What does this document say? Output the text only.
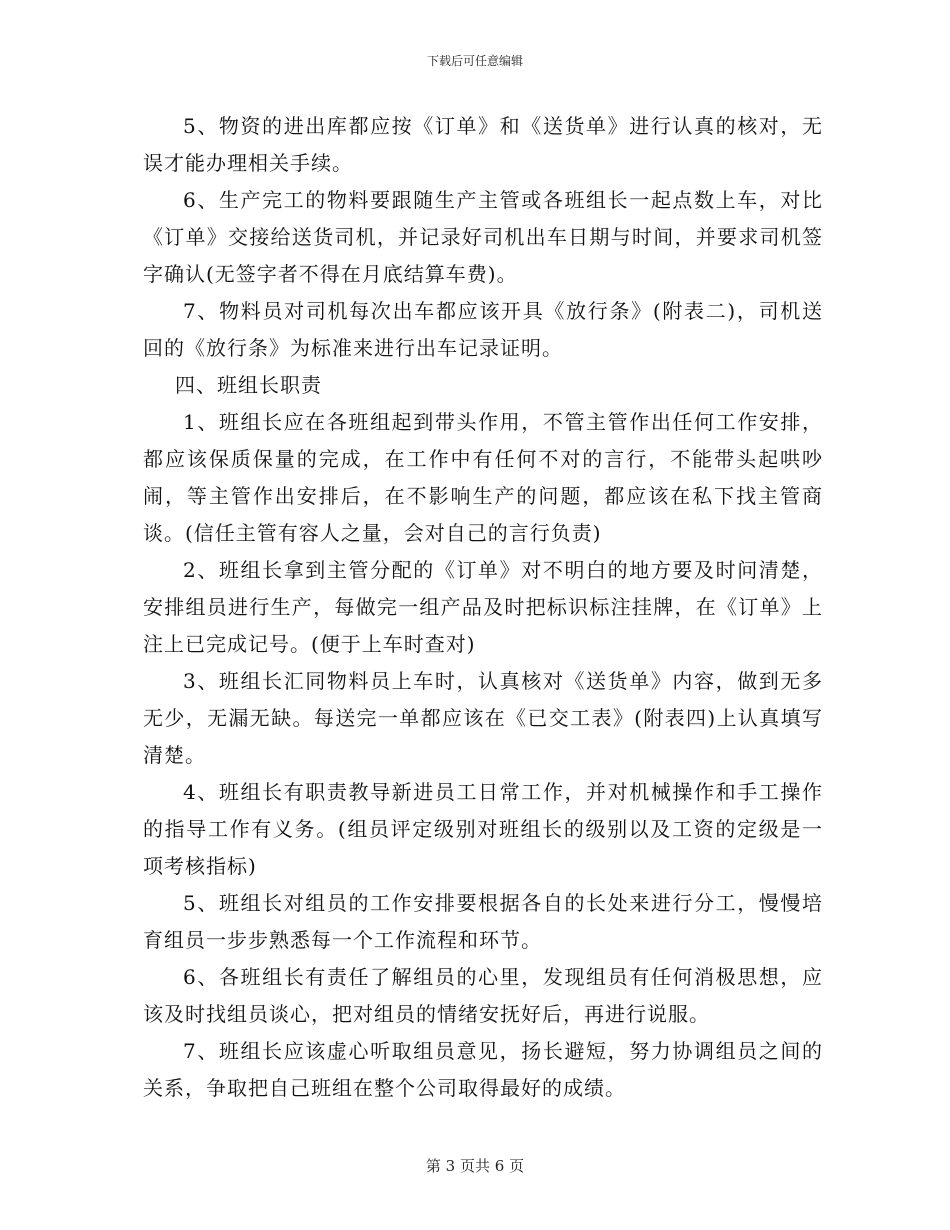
下载后可任意编辑

5、物资的进出库都应按《订单》和《送货单》进行认真的核对，无误才能办理相关手续。

6、生产完工的物料要跟随生产主管或各班组长一起点数上车，对比《订单》交接给送货司机，并记录好司机出车日期与时间，并要求司机签字确认(无签字者不得在月底结算车费)。

7、物料员对司机每次出车都应该开具《放行条》(附表二)，司机送回的《放行条》为标准来进行出车记录证明。

四、班组长职责

1、班组长应在各班组起到带头作用，不管主管作出任何工作安排，都应该保质保量的完成，在工作中有任何不对的言行，不能带头起哄吵闹，等主管作出安排后，在不影响生产的问题，都应该在私下找主管商谈。(信任主管有容人之量，会对自己的言行负责)

2、班组长拿到主管分配的《订单》对不明白的地方要及时问清楚，安排组员进行生产，每做完一组产品及时把标识标注挂牌，在《订单》上注上已完成记号。(便于上车时查对)

3、班组长汇同物料员上车时，认真核对《送货单》内容，做到无多无少，无漏无缺。每送完一单都应该在《已交工表》(附表四)上认真填写清楚。

4、班组长有职责教导新进员工日常工作，并对机械操作和手工操作的指导工作有义务。(组员评定级别对班组长的级别以及工资的定级是一项考核指标)

5、班组长对组员的工作安排要根据各自的长处来进行分工，慢慢培育组员一步步熟悉每一个工作流程和环节。

6、各班组长有责任了解组员的心里，发现组员有任何消极思想，应该及时找组员谈心，把对组员的情绪安抚好后，再进行说服。

7、班组长应该虚心听取组员意见，扬长避短，努力协调组员之间的关系，争取把自己班组在整个公司取得最好的成绩。

第 3 页共 6 页
